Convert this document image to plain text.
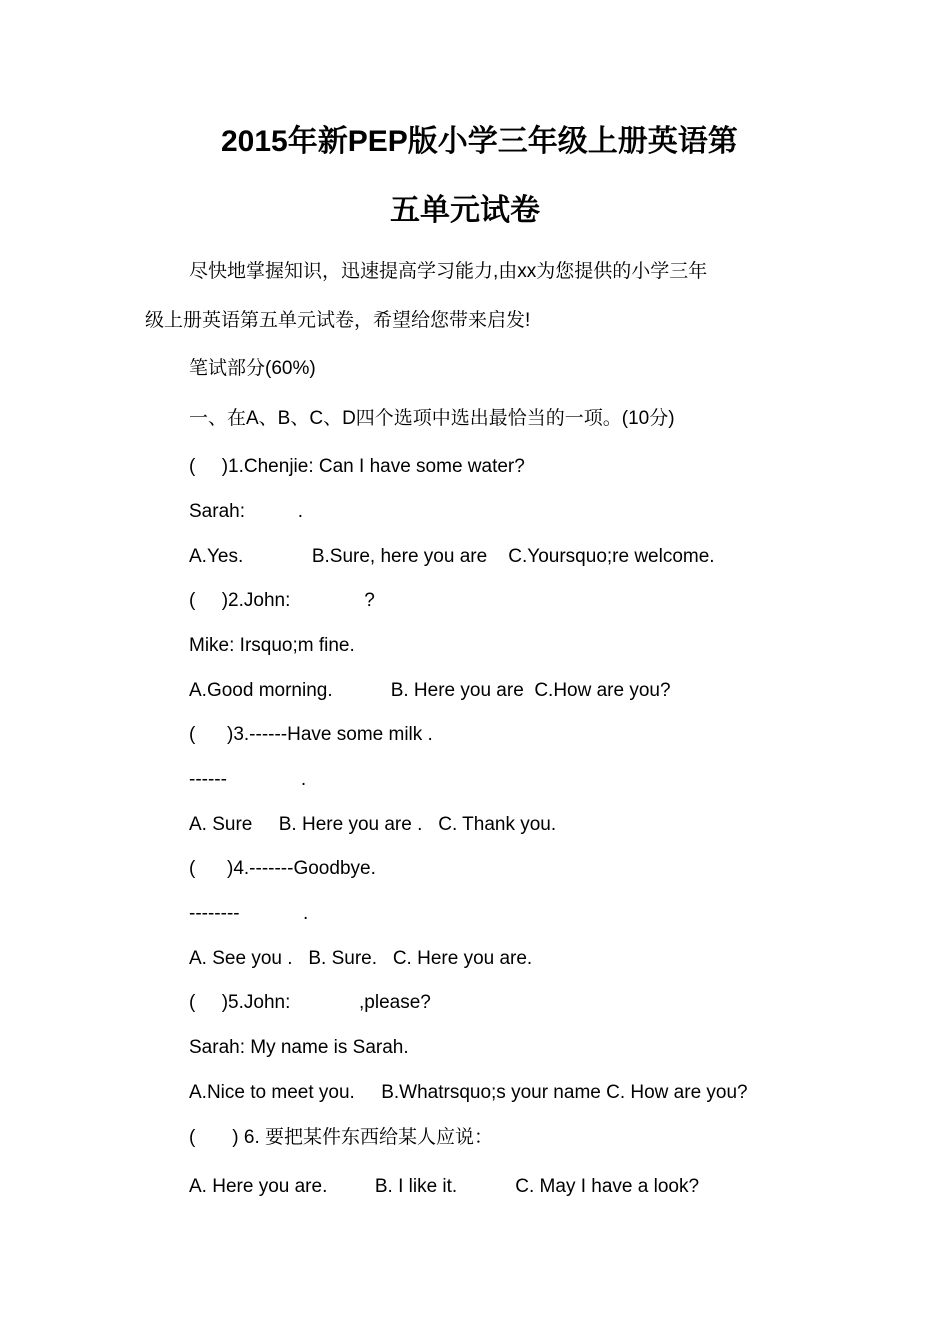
2015年新PEP版小学三年级上册英语第
五单元试卷
尽快地掌握知识，迅速提高学习能力,由xx为您提供的小学三年
级上册英语第五单元试卷，希望给您带来启发!
笔试部分(60%)
一、在A、B、C、D四个选项中选出最恰当的一项。(10分)
(     )1.Chenjie: Can I have some water?
Sarah:          .
A.Yes.             B.Sure, here you are    C.Yoursquo;re welcome.
(     )2.John:              ?
Mike: Irsquo;m fine.
A.Good morning.           B. Here you are  C.How are you?
(      )3.------Have some milk .
------              .
A. Sure     B. Here you are .   C. Thank you.
(      )4.-------Goodbye.
--------            .
A. See you .   B. Sure.   C. Here you are.
(     )5.John:             ,please?
Sarah: My name is Sarah.
A.Nice to meet you.     B.Whatrsquo;s your name C. How are you?
(       ) 6. 要把某件东西给某人应说：
A. Here you are.         B. I like it.           C. May I have a look?
